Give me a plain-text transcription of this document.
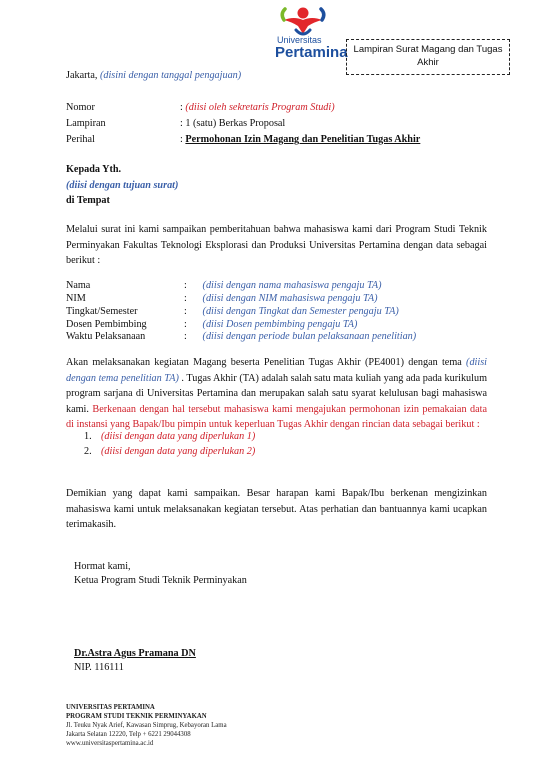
Universitas
Pertamina Lampiran Surat Magang dan Tugas
Akhir
Jakarta, (disini dengan tanggal pengajuan)
Nomor	: (diisi oleh sekretaris Program Studi)
Lampiran	: 1 (satu) Berkas Proposal
Perihal	: Permohonan Izin Magang dan Penelitian Tugas Akhir
Kepada Yth.
(diisi dengan tujuan surat)
di Tempat
Melalui surat ini kami sampaikan pemberitahuan bahwa mahasiswa kami dari Program Studi Teknik Perminyakan Fakultas Teknologi Eksplorasi dan Produksi Universitas Pertamina dengan data sebagai berikut :
Nama	: (diisi dengan nama mahasiswa pengaju TA)
NIM	: (diisi dengan NIM mahasiswa pengaju TA)
Tingkat/Semester	: (diisi dengan Tingkat dan Semester pengaju TA)
Dosen Pembimbing	: (diisi Dosen pembimbing pengaju TA)
Waktu Pelaksanaan	: (diisi dengan periode bulan pelaksanaan penelitian)
Akan melaksanakan kegiatan Magang beserta Penelitian Tugas Akhir (PE4001) dengan tema (diisi dengan tema penelitian TA) . Tugas Akhir (TA) adalah salah satu mata kuliah yang ada pada kurikulum program sarjana di Universitas Pertamina dan merupakan salah satu syarat kelulusan bagi mahasiswa kami. Berkenaan dengan hal tersebut mahasiswa kami mengajukan permohonan izin pemakaian data di instansi yang Bapak/Ibu pimpin untuk keperluan Tugas Akhir dengan rincian data sebagai berikut :
1. (diisi dengan data yang diperlukan 1)
2. (diisi dengan data yang diperlukan 2)
Demikian yang dapat kami sampaikan. Besar harapan kami Bapak/Ibu berkenan mengizinkan mahasiswa kami untuk melaksanakan kegiatan tersebut. Atas perhatian dan bantuannya kami ucapkan terimakasih.
Hormat kami,
Ketua Program Studi Teknik Perminyakan
Dr.Astra Agus Pramana DN
NIP. 116111
UNIVERSITAS PERTAMINA
PROGRAM STUDI TEKNIK PERMINYAKAN
Jl. Teuku Nyak Arief, Kawasan Simprug, Kebayoran Lama
Jakarta Selatan 12220, Telp + 6221 29044308
www.universitaspertamina.ac.id
